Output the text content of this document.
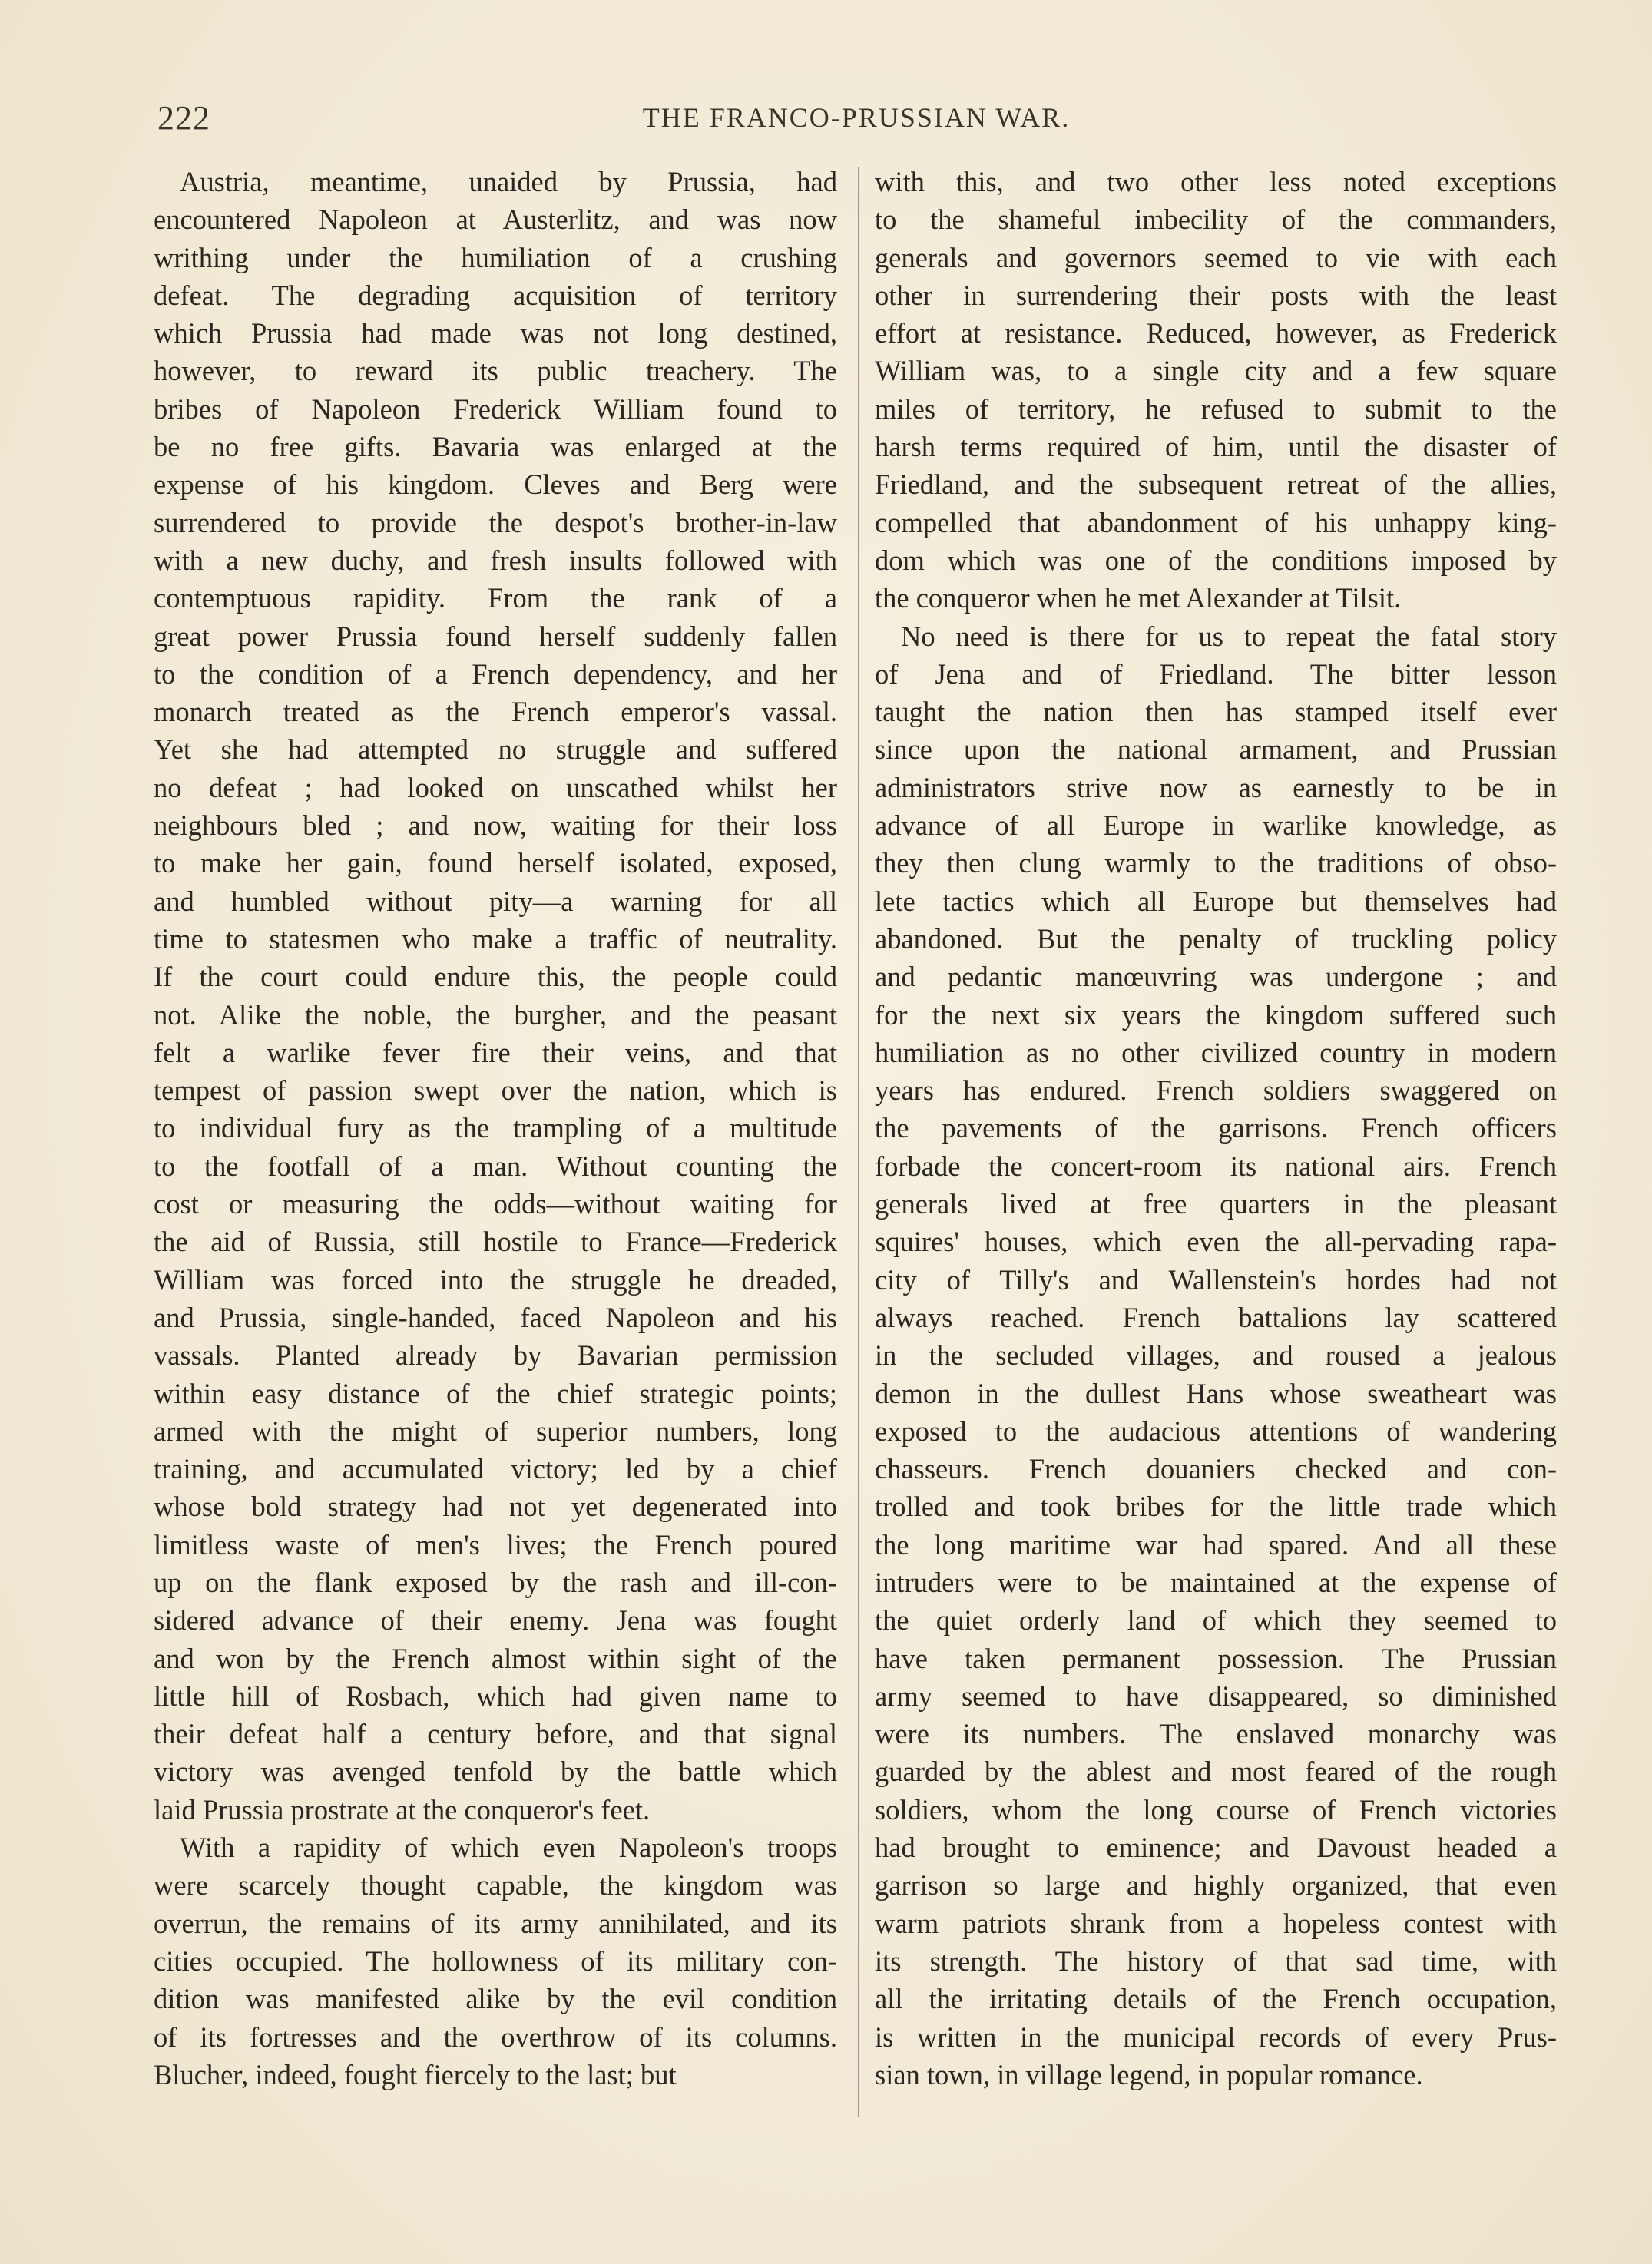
222	THE FRANCO-PRUSSIAN WAR.
Austria, meantime, unaided by Prussia, had
encountered Napoleon at Austerlitz, and was now
writhing under the humiliation of a crushing
defeat. The degrading acquisition of territory
which Prussia had made was not long destined,
however, to reward its public treachery. The
bribes of Napoleon Frederick William found to
be no free gifts. Bavaria was enlarged at the
expense of his kingdom. Cleves and Berg were
surrendered to provide the despot's brother-in-law
with a new duchy, and fresh insults followed with
contemptuous rapidity. From the rank of a
great power Prussia found herself suddenly fallen
to the condition of a French dependency, and her
monarch treated as the French emperor's vassal.
Yet she had attempted no struggle and suffered
no defeat ; had looked on unscathed whilst her
neighbours bled ; and now, waiting for their loss
to make her gain, found herself isolated, exposed,
and humbled without pity—a warning for all
time to statesmen who make a traffic of neutrality.
If the court could endure this, the people could
not. Alike the noble, the burgher, and the peasant
felt a warlike fever fire their veins, and that
tempest of passion swept over the nation, which is
to individual fury as the trampling of a multitude
to the footfall of a man. Without counting the
cost or measuring the odds—without waiting for
the aid of Russia, still hostile to France—Frederick
William was forced into the struggle he dreaded,
and Prussia, single-handed, faced Napoleon and his
vassals. Planted already by Bavarian permission
within easy distance of the chief strategic points;
armed with the might of superior numbers, long
training, and accumulated victory; led by a chief
whose bold strategy had not yet degenerated into
limitless waste of men's lives; the French poured
up on the flank exposed by the rash and ill-con-
sidered advance of their enemy. Jena was fought
and won by the French almost within sight of the
little hill of Rosbach, which had given name to
their defeat half a century before, and that signal
victory was avenged tenfold by the battle which
laid Prussia prostrate at the conqueror's feet.
With a rapidity of which even Napoleon's troops
were scarcely thought capable, the kingdom was
overrun, the remains of its army annihilated, and its
cities occupied. The hollowness of its military con-
dition was manifested alike by the evil condition
of its fortresses and the overthrow of its columns.
Blucher, indeed, fought fiercely to the last; but
with this, and two other less noted exceptions
to the shameful imbecility of the commanders,
generals and governors seemed to vie with each
other in surrendering their posts with the least
effort at resistance. Reduced, however, as Frederick
William was, to a single city and a few square
miles of territory, he refused to submit to the
harsh terms required of him, until the disaster of
Friedland, and the subsequent retreat of the allies,
compelled that abandonment of his unhappy king-
dom which was one of the conditions imposed by
the conqueror when he met Alexander at Tilsit.
No need is there for us to repeat the fatal story
of Jena and of Friedland. The bitter lesson
taught the nation then has stamped itself ever
since upon the national armament, and Prussian
administrators strive now as earnestly to be in
advance of all Europe in warlike knowledge, as
they then clung warmly to the traditions of obso-
lete tactics which all Europe but themselves had
abandoned. But the penalty of truckling policy
and pedantic manœuvring was undergone ; and
for the next six years the kingdom suffered such
humiliation as no other civilized country in modern
years has endured. French soldiers swaggered on
the pavements of the garrisons. French officers
forbade the concert-room its national airs. French
generals lived at free quarters in the pleasant
squires' houses, which even the all-pervading rapa-
city of Tilly's and Wallenstein's hordes had not
always reached. French battalions lay scattered
in the secluded villages, and roused a jealous
demon in the dullest Hans whose sweatheart was
exposed to the audacious attentions of wandering
chasseurs. French douaniers checked and con-
trolled and took bribes for the little trade which
the long maritime war had spared. And all these
intruders were to be maintained at the expense of
the quiet orderly land of which they seemed to
have taken permanent possession. The Prussian
army seemed to have disappeared, so diminished
were its numbers. The enslaved monarchy was
guarded by the ablest and most feared of the rough
soldiers, whom the long course of French victories
had brought to eminence; and Davoust headed a
garrison so large and highly organized, that even
warm patriots shrank from a hopeless contest with
its strength. The history of that sad time, with
all the irritating details of the French occupation,
is written in the municipal records of every Prus-
sian town, in village legend, in popular romance.
